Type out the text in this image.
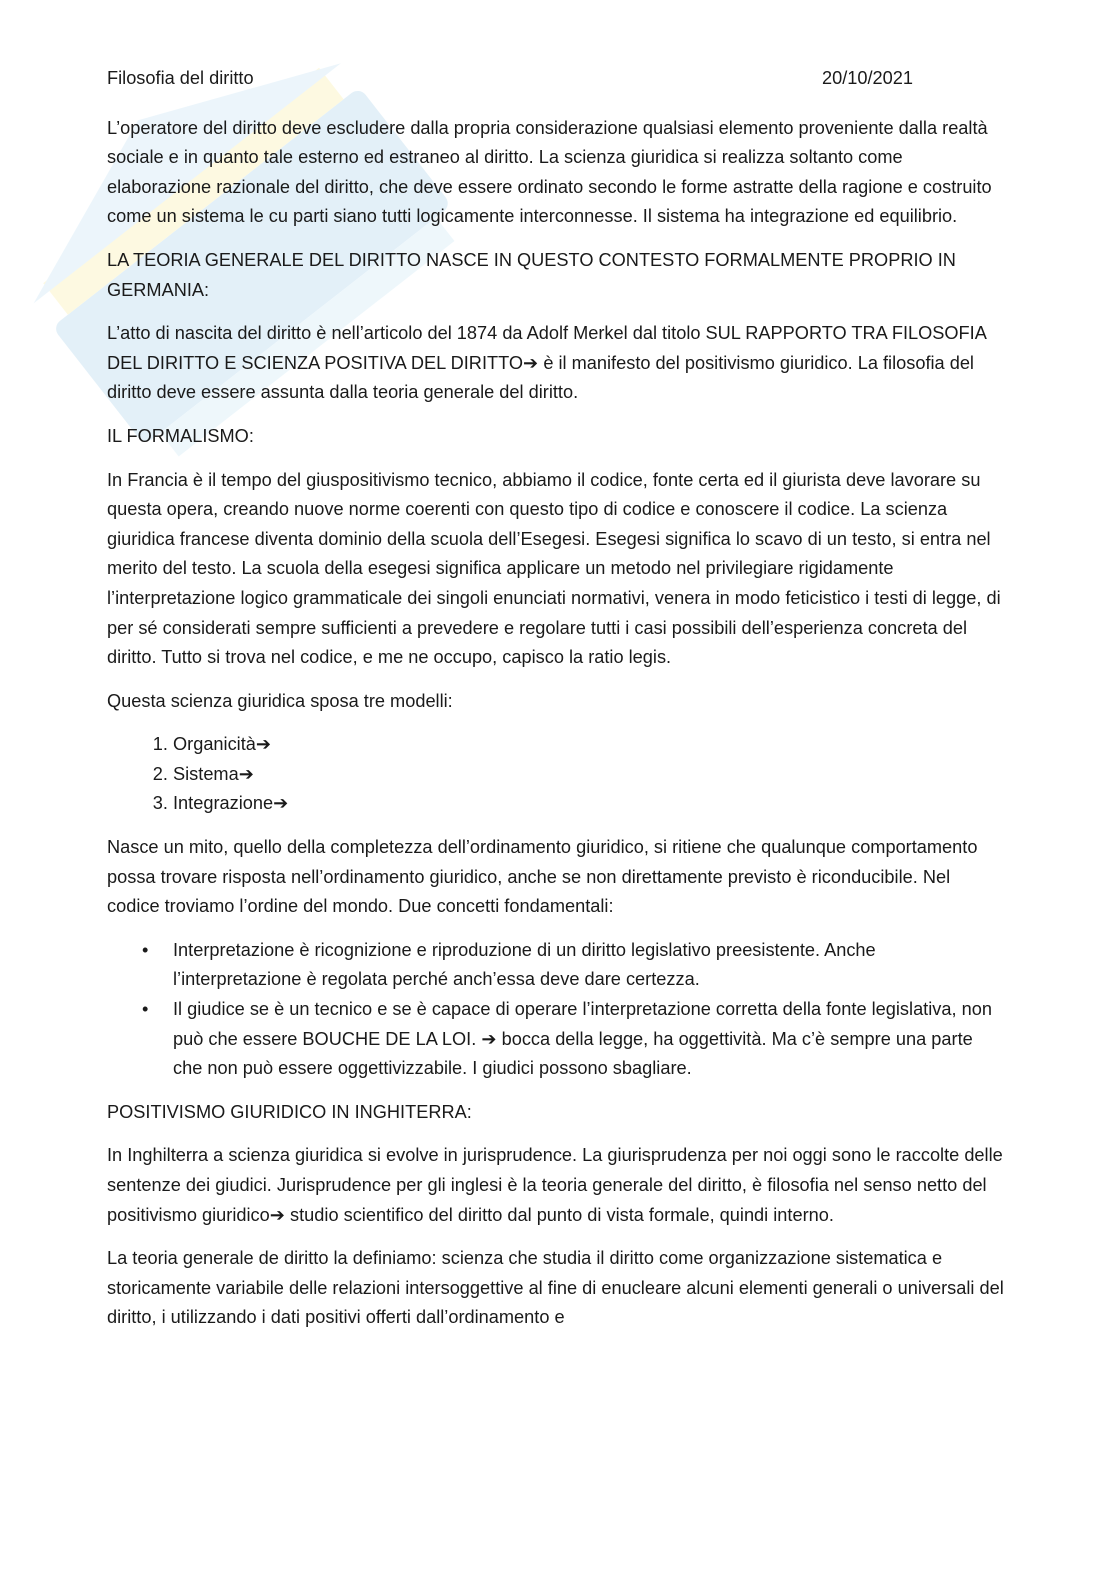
Filosofia del diritto	20/10/2021

L’operatore del diritto deve escludere dalla propria considerazione qualsiasi elemento proveniente dalla realtà sociale e in quanto tale esterno ed estraneo al diritto. La scienza giuridica si realizza soltanto come elaborazione razionale del diritto, che deve essere ordinato secondo le forme astratte della ragione e costruito come un sistema le cu parti siano tutti logicamente interconnesse. Il sistema ha integrazione ed equilibrio.

LA TEORIA GENERALE DEL DIRITTO NASCE IN QUESTO CONTESTO FORMALMENTE PROPRIO IN GERMANIA:

L’atto di nascita del diritto è nell’articolo del 1874 da Adolf Merkel dal titolo SUL RAPPORTO TRA FILOSOFIA DEL DIRITTO E SCIENZA POSITIVA DEL DIRITTO➔ è il manifesto del positivismo giuridico. La filosofia del diritto deve essere assunta dalla teoria generale del diritto.

IL FORMALISMO:

In Francia è il tempo del giuspositivismo tecnico, abbiamo il codice, fonte certa ed il giurista deve lavorare su questa opera, creando nuove norme coerenti con questo tipo di codice e conoscere il codice. La scienza giuridica francese diventa dominio della scuola dell’Esegesi. Esegesi significa lo scavo di un testo, si entra nel merito del testo. La scuola della esegesi significa applicare un metodo nel privilegiare rigidamente l’interpretazione logico grammaticale dei singoli enunciati normativi, venera in modo feticistico i testi di legge, di per sé considerati sempre sufficienti a prevedere e regolare tutti i casi possibili dell’esperienza concreta del diritto. Tutto si trova nel codice, e me ne occupo, capisco la ratio legis.

Questa scienza giuridica sposa tre modelli:

1. Organicità➔
2. Sistema➔
3. Integrazione➔

Nasce un mito, quello della completezza dell’ordinamento giuridico, si ritiene che qualunque comportamento possa trovare risposta nell’ordinamento giuridico, anche se non direttamente previsto è riconducibile. Nel codice troviamo l’ordine del mondo. Due concetti fondamentali:

• Interpretazione è ricognizione e riproduzione di un diritto legislativo preesistente. Anche l’interpretazione è regolata perché anch’essa deve dare certezza.
• Il giudice se è un tecnico e se è capace di operare l’interpretazione corretta della fonte legislativa, non può che essere BOUCHE DE LA LOI. ➔ bocca della legge, ha oggettività. Ma c’è sempre una parte che non può essere oggettivizzabile. I giudici possono sbagliare.

POSITIVISMO GIURIDICO IN INGHITERRA:

In Inghilterra a scienza giuridica si evolve in jurisprudence. La giurisprudenza per noi oggi sono le raccolte delle sentenze dei giudici. Jurisprudence per gli inglesi è la teoria generale del diritto, è filosofia nel senso netto del positivismo giuridico➔ studio scientifico del diritto dal punto di vista formale, quindi interno.

La teoria generale de diritto la definiamo: scienza che studia il diritto come organizzazione sistematica e storicamente variabile delle relazioni intersoggettive al fine di enucleare alcuni elementi generali o universali del diritto, i utilizzando i dati positivi offerti dall’ordinamento e
